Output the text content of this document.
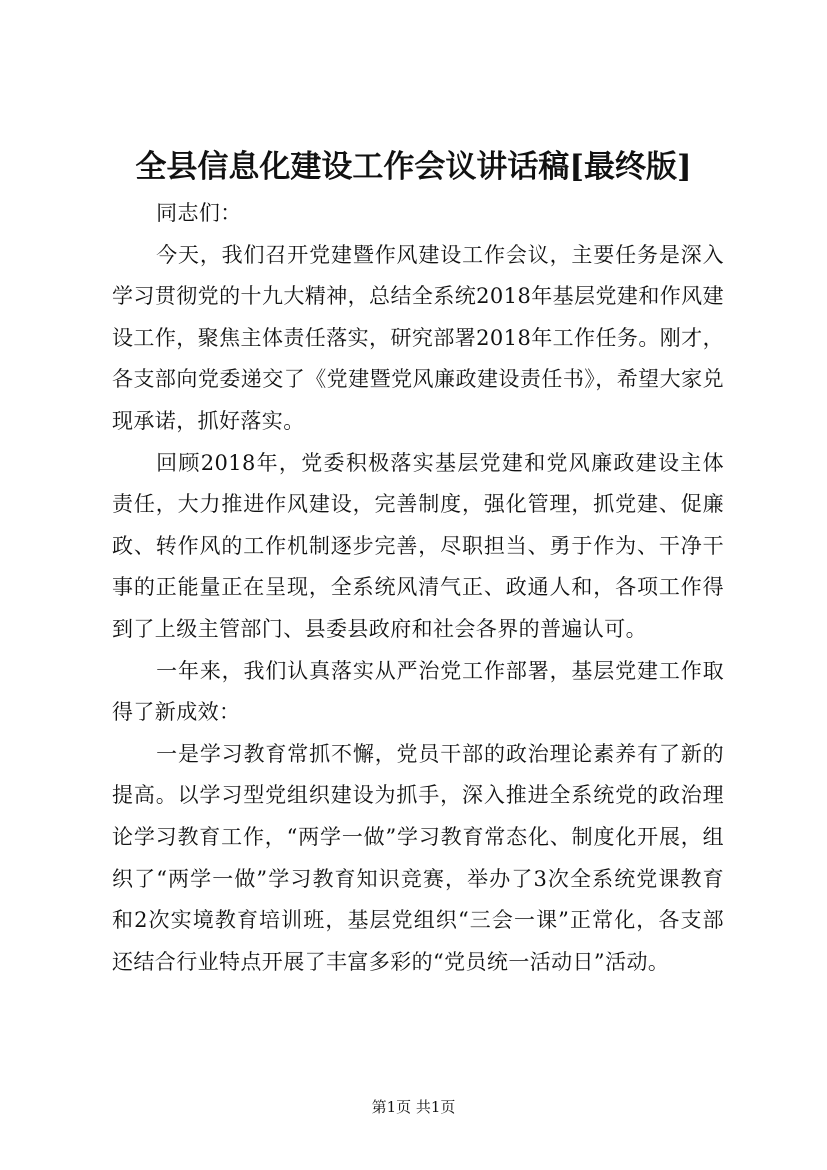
全县信息化建设工作会议讲话稿[最终版]

同志们：

今天，我们召开党建暨作风建设工作会议，主要任务是深入学习贯彻党的十九大精神，总结全系统2018年基层党建和作风建设工作，聚焦主体责任落实，研究部署2018年工作任务。刚才，各支部向党委递交了《党建暨党风廉政建设责任书》，希望大家兑现承诺，抓好落实。

回顾2018年，党委积极落实基层党建和党风廉政建设主体责任，大力推进作风建设，完善制度，强化管理，抓党建、促廉政、转作风的工作机制逐步完善，尽职担当、勇于作为、干净干事的正能量正在呈现，全系统风清气正、政通人和，各项工作得到了上级主管部门、县委县政府和社会各界的普遍认可。

一年来，我们认真落实从严治党工作部署，基层党建工作取得了新成效：

一是学习教育常抓不懈，党员干部的政治理论素养有了新的提高。以学习型党组织建设为抓手，深入推进全系统党的政治理论学习教育工作，“两学一做”学习教育常态化、制度化开展，组织了“两学一做”学习教育知识竞赛，举办了3次全系统党课教育和2次实境教育培训班，基层党组织“三会一课”正常化，各支部还结合行业特点开展了丰富多彩的“党员统一活动日”活动。

第1页 共1页
